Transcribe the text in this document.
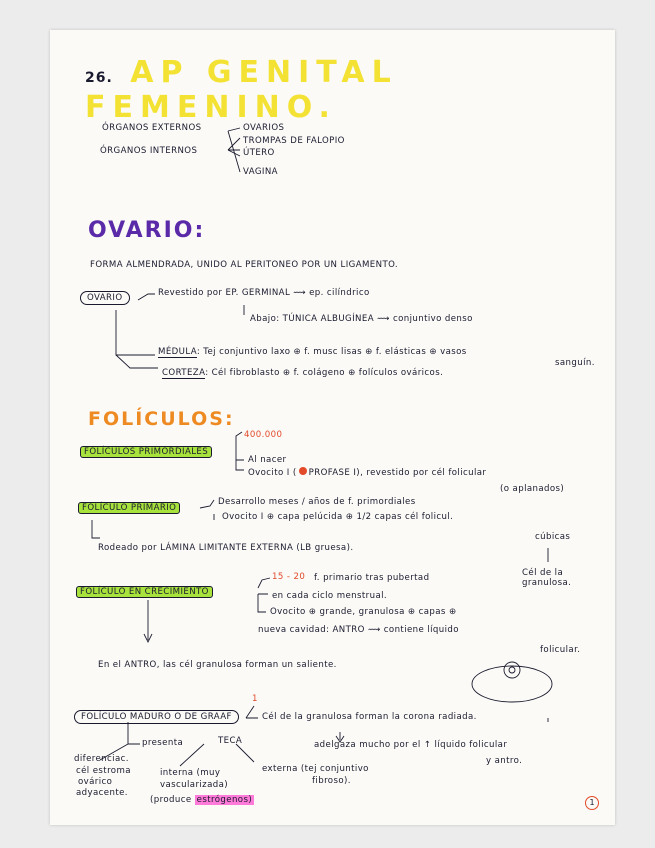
26. AP GENITAL FEMENINO.
ÓRGANOS EXTERNOS
ÓRGANOS INTERNOS
OVARIOS
TROMPAS DE FALOPIO
ÚTERO
VAGINA
OVARIO:
FORMA ALMENDRADA, UNIDO AL PERITONEO POR UN LIGAMENTO.
OVARIO	Revestido por EP. GERMINAL ⟿ ep. cilíndrico
Abajo: TÚNICA ALBUGÍNEA ⟿ conjuntivo denso
MÉDULA: Tej conjuntivo laxo ⊕ f. musc lisas ⊕ f. elásticas ⊕ vasos
sanguín.
CORTEZA: Cél fibroblasto ⊕ f. colágeno ⊕ folículos ováricos.
FOLÍCULOS:
400.000
FOLÍCULOS PRIMORDIALES
Al nacer
Ovocito I ( PROFASE I), revestido por cél folicular
(o aplanados)
FOLÍCULO PRIMARIO
Desarrollo meses / años de f. primordiales
Ovocito I ⊕ capa pelúcida ⊕ 1/2 capas cél folicul.
cúbicas
Rodeado por LÁMINA LIMITANTE EXTERNA (LB gruesa).
Cél de la granulosa.
15 - 20 f. primario tras pubertad
FOLÍCULO EN CRECIMIENTO	en cada ciclo menstrual.
Ovocito ⊕ grande, granulosa ⊕ capas ⊕
nueva cavidad: ANTRO ⟿ contiene líquido
folicular.
En el ANTRO, las cél granulosa forman un saliente.
1
FOLÍCULO MADURO O DE GRAAF	Cél de la granulosa forman la corona radiada.
adelgaza mucho por el ↑ líquido folicular
y antro.
presenta	TECA
diferenciac.
cél estroma
ovárico
adyacente.
interna (muy
vascularizada)
(produce estrógenos)
externa (tej conjuntivo
fibroso).
1
